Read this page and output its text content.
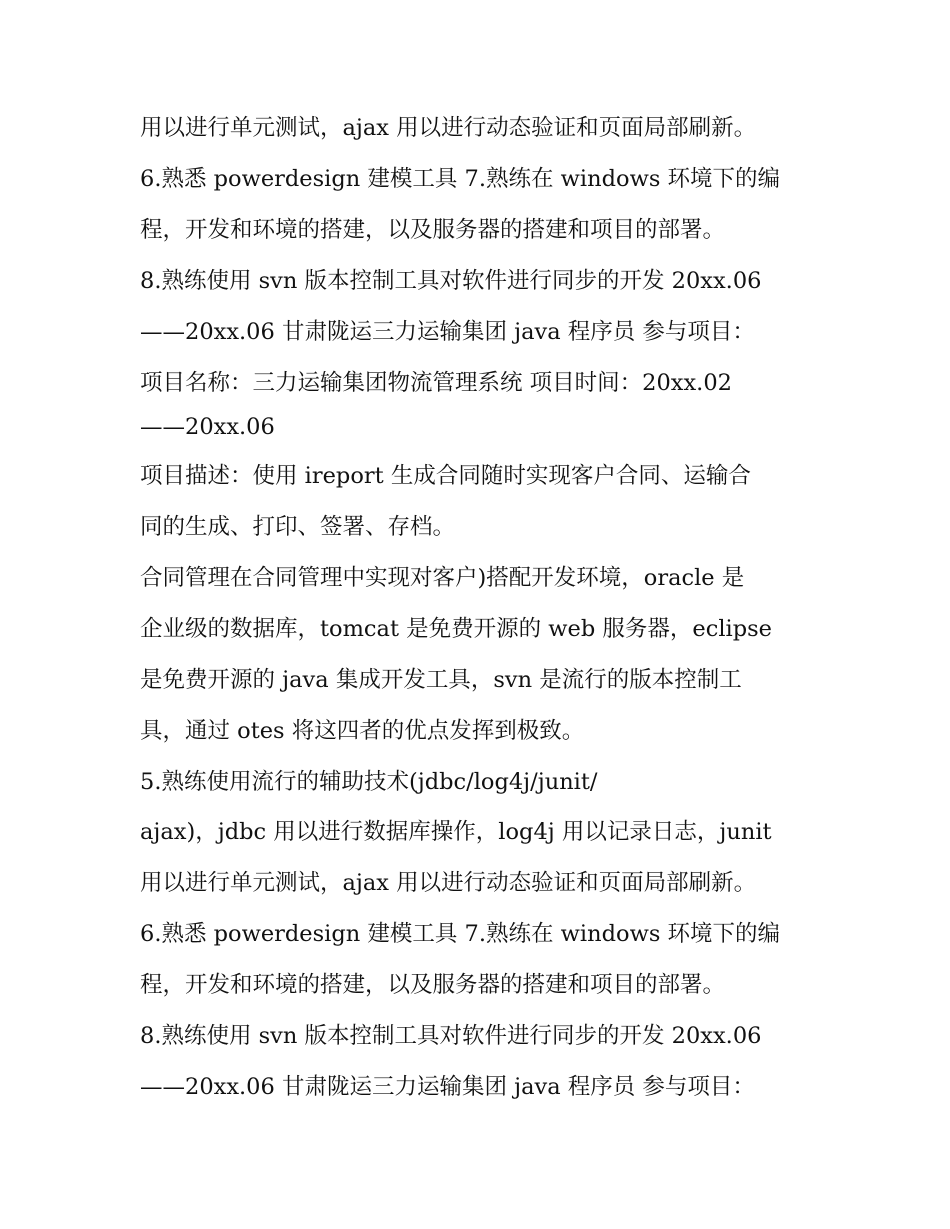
用以进行单元测试，ajax 用以进行动态验证和页面局部刷新。
6.熟悉 powerdesign 建模工具 7.熟练在 windows 环境下的编
程，开发和环境的搭建，以及服务器的搭建和项目的部署。
8.熟练使用 svn 版本控制工具对软件进行同步的开发 20xx.06
——20xx.06 甘肃陇运三力运输集团 java 程序员 参与项目：
项目名称：三力运输集团物流管理系统 项目时间：20xx.02
——20xx.06
项目描述：使用 ireport 生成合同随时实现客户合同、运输合
同的生成、打印、签署、存档。
合同管理在合同管理中实现对客户)搭配开发环境，oracle 是
企业级的数据库，tomcat 是免费开源的 web 服务器，eclipse
是免费开源的 java 集成开发工具，svn 是流行的版本控制工
具，通过 otes 将这四者的优点发挥到极致。
5.熟练使用流行的辅助技术(jdbc/log4j/junit/
ajax)，jdbc 用以进行数据库操作，log4j 用以记录日志，junit
用以进行单元测试，ajax 用以进行动态验证和页面局部刷新。
6.熟悉 powerdesign 建模工具 7.熟练在 windows 环境下的编
程，开发和环境的搭建，以及服务器的搭建和项目的部署。
8.熟练使用 svn 版本控制工具对软件进行同步的开发 20xx.06
——20xx.06 甘肃陇运三力运输集团 java 程序员 参与项目：
